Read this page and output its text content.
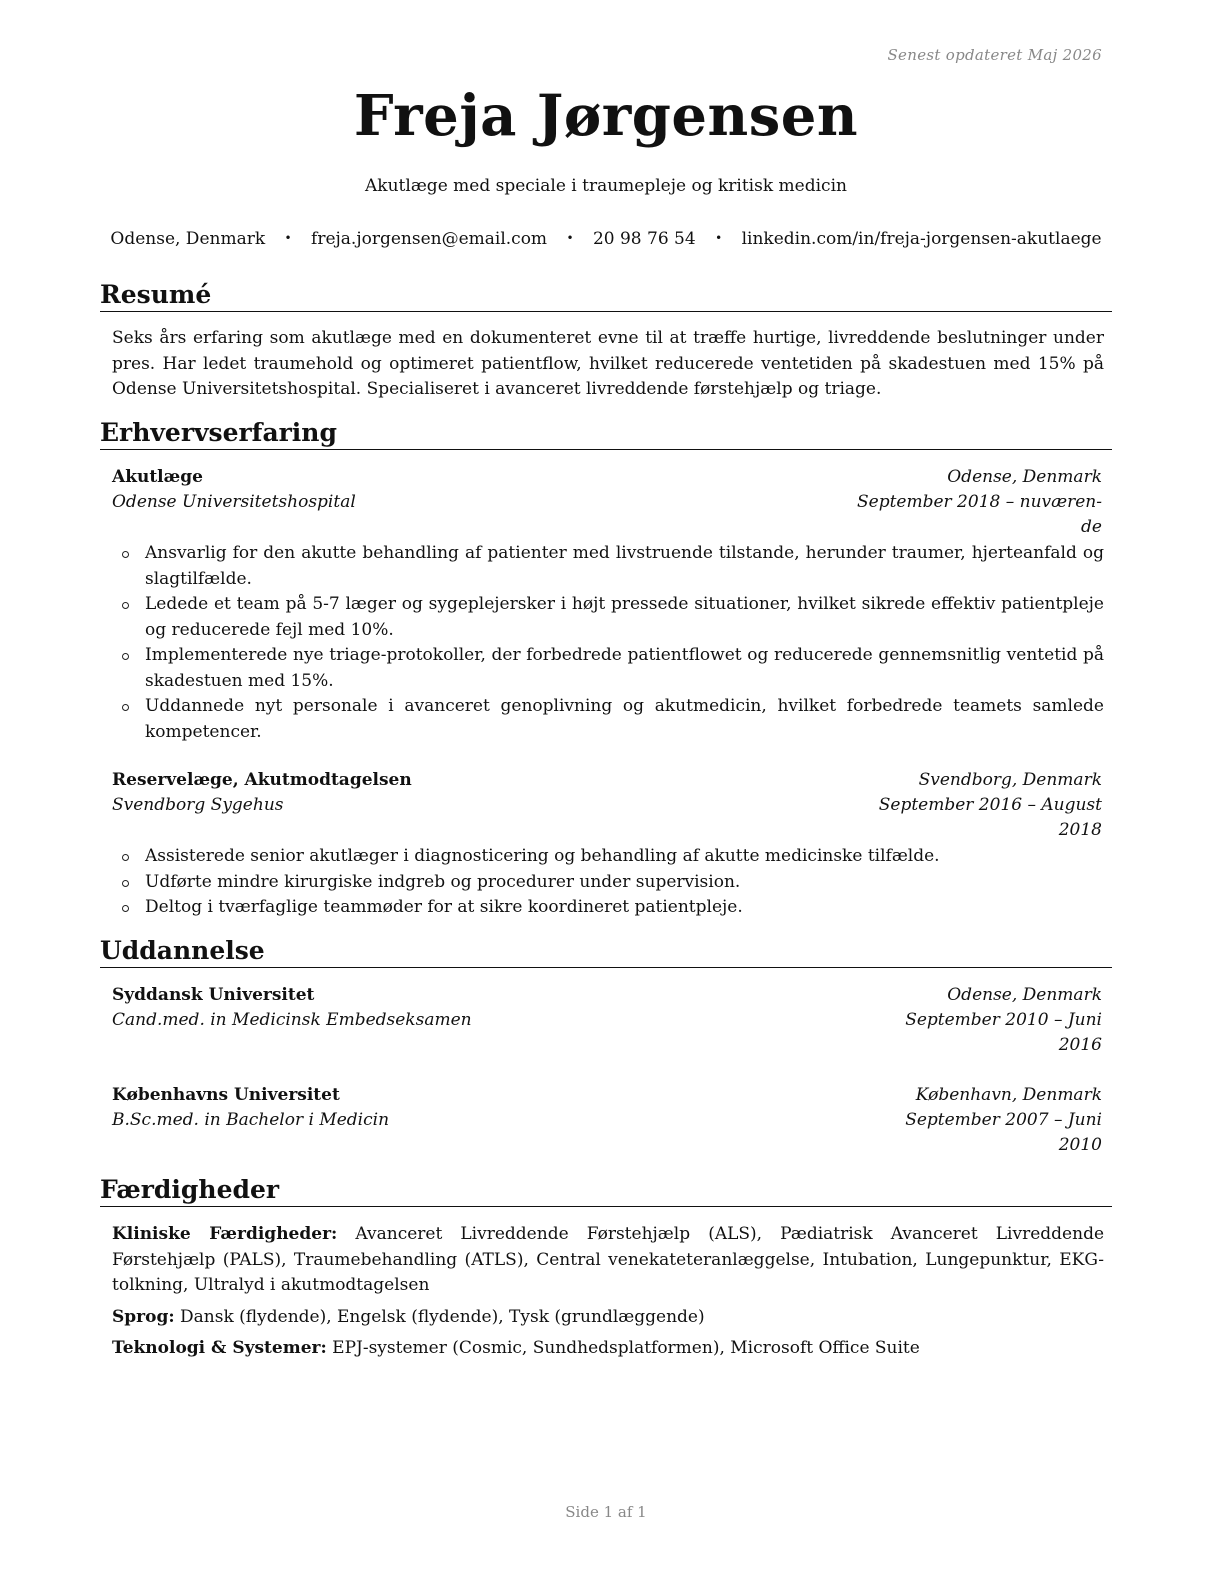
Senest opdateret Maj 2026
Freja Jørgensen
Akutlæge med speciale i traumepleje og kritisk medicin
Odense, Denmark • freja.jorgensen@email.com • 20 98 76 54 • linkedin.com/in/freja-jorgensen-akutlaege
Resumé
Seks års erfaring som akutlæge med en dokumenteret evne til at træffe hurtige, livreddende beslutninger under pres. Har ledet traumehold og optimeret patientflow, hvilket reducerede ventetiden på skadestuen med 15% på Odense Universitetshospital. Specialiseret i avanceret livreddende førstehjælp og triage.
Erhvervserfaring
Akutlæge	Odense, Denmark
Odense Universitetshospital	September 2018 – nuværen-
de
Ansvarlig for den akutte behandling af patienter med livstruende tilstande, herunder traumer, hjerteanfald og slagtilfælde.
Ledede et team på 5-7 læger og sygeplejersker i højt pressede situationer, hvilket sikrede effektiv patientpleje og reducerede fejl med 10%.
Implementerede nye triage-protokoller, der forbedrede patientflowet og reducerede gennemsnitlig ventetid på skadestuen med 15%.
Uddannede nyt personale i avanceret genoplivning og akutmedicin, hvilket forbedrede teamets samlede kompetencer.
Reservelæge, Akutmodtagelsen	Svendborg, Denmark
Svendborg Sygehus	September 2016 – August
2018
Assisterede senior akutlæger i diagnosticering og behandling af akutte medicinske tilfælde.
Udførte mindre kirurgiske indgreb og procedurer under supervision.
Deltog i tværfaglige teammøder for at sikre koordineret patientpleje.
Uddannelse
Syddansk Universitet	Odense, Denmark
Cand.med. in Medicinsk Embedseksamen	September 2010 – Juni
2016
Københavns Universitet	København, Denmark
B.Sc.med. in Bachelor i Medicin	September 2007 – Juni
2010
Færdigheder
Kliniske Færdigheder: Avanceret Livreddende Førstehjælp (ALS), Pædiatrisk Avanceret Livreddende Førstehjælp (PALS), Traumebehandling (ATLS), Central venekateteranlæggelse, Intubation, Lungepunktur, EKG-tolkning, Ultralyd i akutmodtagelsen
Sprog: Dansk (flydende), Engelsk (flydende), Tysk (grundlæggende)
Teknologi & Systemer: EPJ-systemer (Cosmic, Sundhedsplatformen), Microsoft Office Suite
Side 1 af 1
